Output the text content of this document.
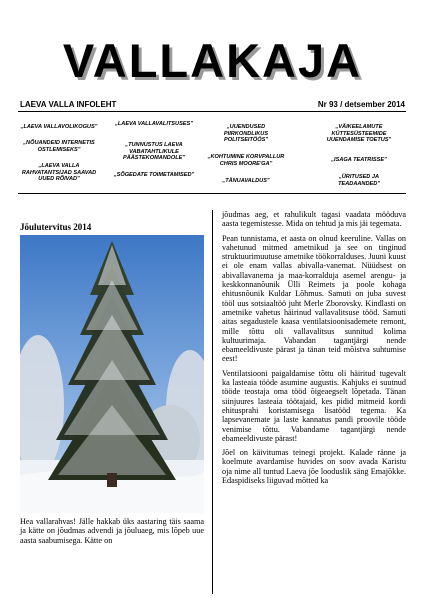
VALLAKAJA
LAEVA VALLA INFOLEHT	Nr 93 / detsember 2014
„LAEVA VALLAVOLIKOGUS"
„NÕUANDEID INTERNETIS OSTLEMISEKS"
„LAEVA VALLA RAHVATANTSIJAD SAAVAD UUED RÕIVAD"
„LAEVA VALLAVALITSUSES"
„TUNNUSTUS LAEVA VABATAHTLIKULE PÄÄSTEKOMANDOLE"
„SÕGEDATE TOIMETAMISED"
„UUENDUSED PIIRKONDLIKUS POLITSEITÖÖS"
„KOHTUMINE KORVPALLUR CHRIS MOORE'GA"
„TÄNUAVALDUS"
„VÄIKEELAMUTE KÜTTESÜSTEEMIDE UUENDAMISE TOETUS"
„ISAGA TEATRISSE"
„ÜRITUSED JA TEADAANDED"
Jõulutervitus 2014
Hea vallarahvas! Jälle hakkab üks aastaring täis saama ja kätte on jõudmas advendi ja jõuluaeg, mis lõpeb uue aasta saabumisega. Kätte on

jõudmas aeg, et rahulikult tagasi vaadata mööduva aasta tegemistesse. Mida on tehtud ja mis jäi tegemata.

Pean tunnistama, et aasta on olnud keeruline. Vallas on vahetunud mitmed ametnikud ja see on tinginud struktuurimuutuse ametnike töökorralduses. Juuni kuust ei ole enam vallas abivalla-vanemat. Nüüdsest on abivallavanema ja maa-korralduja asemel arengu- ja keskkonnanõunik Ülli Reimets ja poole kohaga ehitusnõunik Kuldar Lõhmus. Samuti on juba suvest tööl uus sotsiaaltöö juht Merle Zborovsky. Kindlasti on ametnike vahetus häirinud vallavalitsuse tööd. Samuti aitas segadustele kaasa ventilatsioonisademete remont, mille tõttu oli vallavalitsus sunnitud kolima kultuurimaja. Vabandan tagantjärgi nende ebameeldivuste pärast ja tänan teid mõistva suhtumise eest!

Ventilatsiooni paigaldamise tõttu oli häiritud tugevalt ka lasteaia tööde asumine augustis. Kahjuks ei suutnud tööde teostaja oma tööd õigeaegselt lõpetada. Tänan siinjuures lasteaia töötajaid, kes pidid mitmeid kordi ehitusprahi koristamisega lisatööd tegema. Ka lapsevanemate ja laste kannatus pandi proovile tööde venimise tõttu. Vabandame tagantjärgi nende ebameeldivuste pärast!

Jõel on käivitumas teinegi projekt. Kalade ränne ja koelmute avardamise huvides on soov avada Karistu oja nime all tuntud Laeva jõe looduslik säng Emajõkke. Edaspidiseks liiguvad mõtted ka
